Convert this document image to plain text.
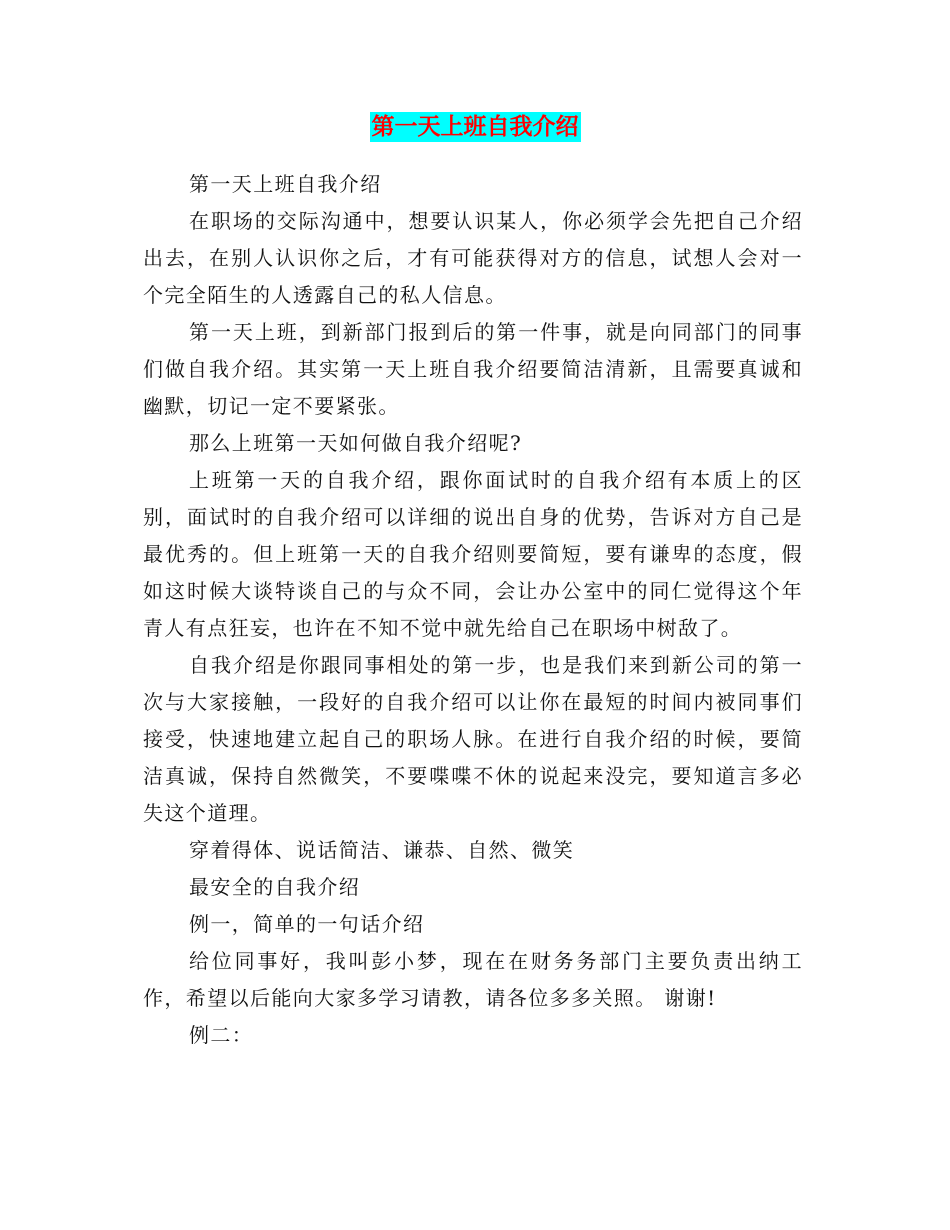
第一天上班自我介绍

第一天上班自我介绍

在职场的交际沟通中，想要认识某人，你必须学会先把自己介绍出去，在别人认识你之后，才有可能获得对方的信息，试想人会对一个完全陌生的人透露自己的私人信息。

第一天上班，到新部门报到后的第一件事，就是向同部门的同事们做自我介绍。其实第一天上班自我介绍要简洁清新，且需要真诚和幽默，切记一定不要紧张。

那么上班第一天如何做自我介绍呢?

上班第一天的自我介绍，跟你面试时的自我介绍有本质上的区别，面试时的自我介绍可以详细的说出自身的优势，告诉对方自己是最优秀的。但上班第一天的自我介绍则要简短，要有谦卑的态度，假如这时候大谈特谈自己的与众不同，会让办公室中的同仁觉得这个年青人有点狂妄，也许在不知不觉中就先给自己在职场中树敌了。

自我介绍是你跟同事相处的第一步，也是我们来到新公司的第一次与大家接触，一段好的自我介绍可以让你在最短的时间内被同事们接受，快速地建立起自己的职场人脉。在进行自我介绍的时候，要简洁真诚，保持自然微笑，不要喋喋不休的说起来没完，要知道言多必失这个道理。

穿着得体、说话简洁、谦恭、自然、微笑

最安全的自我介绍

例一，简单的一句话介绍

给位同事好，我叫彭小梦，现在在财务务部门主要负责出纳工作，希望以后能向大家多学习请教，请各位多多关照。 谢谢!

例二：
